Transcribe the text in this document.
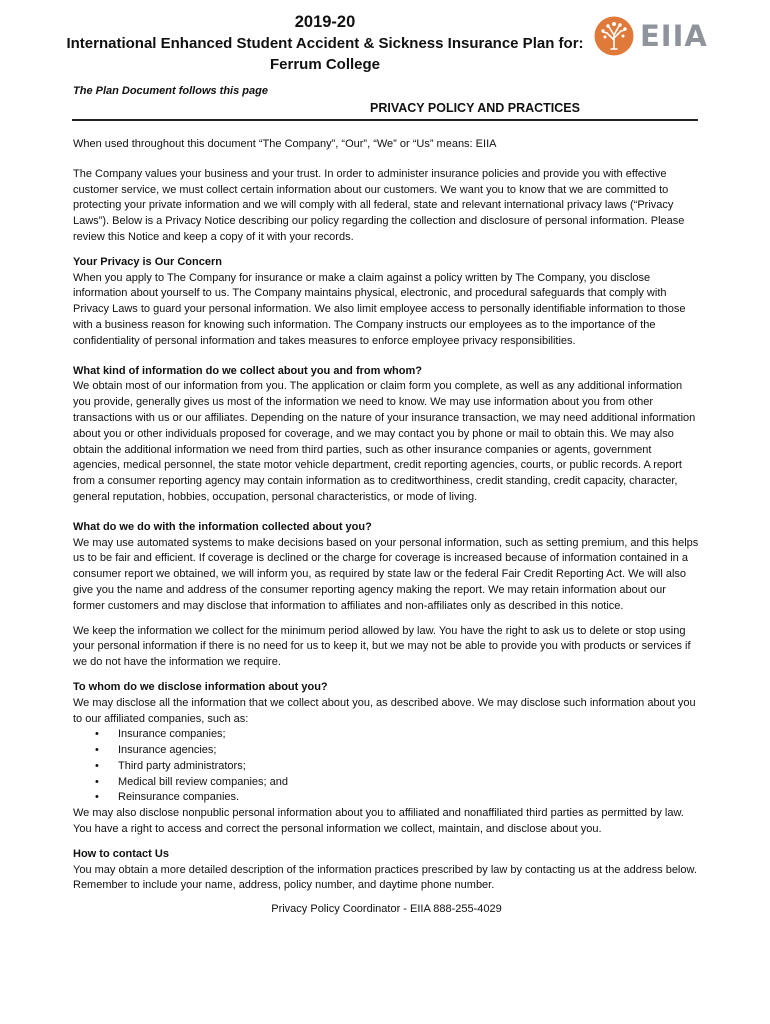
2019-20
International Enhanced Student Accident & Sickness Insurance Plan for:
Ferrum College
EIIA
The Plan Document follows this page
PRIVACY POLICY AND PRACTICES

When used throughout this document “The Company”, “Our”, “We” or “Us” means: EIIA

The Company values your business and your trust. In order to administer insurance policies and provide you with effective customer service, we must collect certain information about our customers. We want you to know that we are committed to protecting your private information and we will comply with all federal, state and relevant international privacy laws (“Privacy Laws”). Below is a Privacy Notice describing our policy regarding the collection and disclosure of personal information. Please review this Notice and keep a copy of it with your records.

Your Privacy is Our Concern

When you apply to The Company for insurance or make a claim against a policy written by The Company, you disclose information about yourself to us. The Company maintains physical, electronic, and procedural safeguards that comply with Privacy Laws to guard your personal information. We also limit employee access to personally identifiable information to those with a business reason for knowing such information. The Company instructs our employees as to the importance of the confidentiality of personal information and takes measures to enforce employee privacy responsibilities.

What kind of information do we collect about you and from whom?

We obtain most of our information from you. The application or claim form you complete, as well as any additional information you provide, generally gives us most of the information we need to know. We may use information about you from other transactions with us or our affiliates. Depending on the nature of your insurance transaction, we may need additional information about you or other individuals proposed for coverage, and we may contact you by phone or mail to obtain this. We may also obtain the additional information we need from third parties, such as other insurance companies or agents, government agencies, medical personnel, the state motor vehicle department, credit reporting agencies, courts, or public records. A report from a consumer reporting agency may contain information as to creditworthiness, credit standing, credit capacity, character, general reputation, hobbies, occupation, personal characteristics, or mode of living.

What do we do with the information collected about you?

We may use automated systems to make decisions based on your personal information, such as setting premium, and this helps us to be fair and efficient. If coverage is declined or the charge for coverage is increased because of information contained in a consumer report we obtained, we will inform you, as required by state law or the federal Fair Credit Reporting Act. We will also give you the name and address of the consumer reporting agency making the report. We may retain information about our former customers and may disclose that information to affiliates and non-affiliates only as described in this notice.

We keep the information we collect for the minimum period allowed by law. You have the right to ask us to delete or stop using your personal information if there is no need for us to keep it, but we may not be able to provide you with products or services if we do not have the information we require.

To whom do we disclose information about you?
We may disclose all the information that we collect about you, as described above. We may disclose such information about you to our affiliated companies, such as:
• Insurance companies;
• Insurance agencies;
• Third party administrators;
• Medical bill review companies; and
• Reinsurance companies.

We may also disclose nonpublic personal information about you to affiliated and nonaffiliated third parties as permitted by law. You have a right to access and correct the personal information we collect, maintain, and disclose about you.

How to contact Us
You may obtain a more detailed description of the information practices prescribed by law by contacting us at the address below. Remember to include your name, address, policy number, and daytime phone number.
Privacy Policy Coordinator - EIIA 888-255-4029
